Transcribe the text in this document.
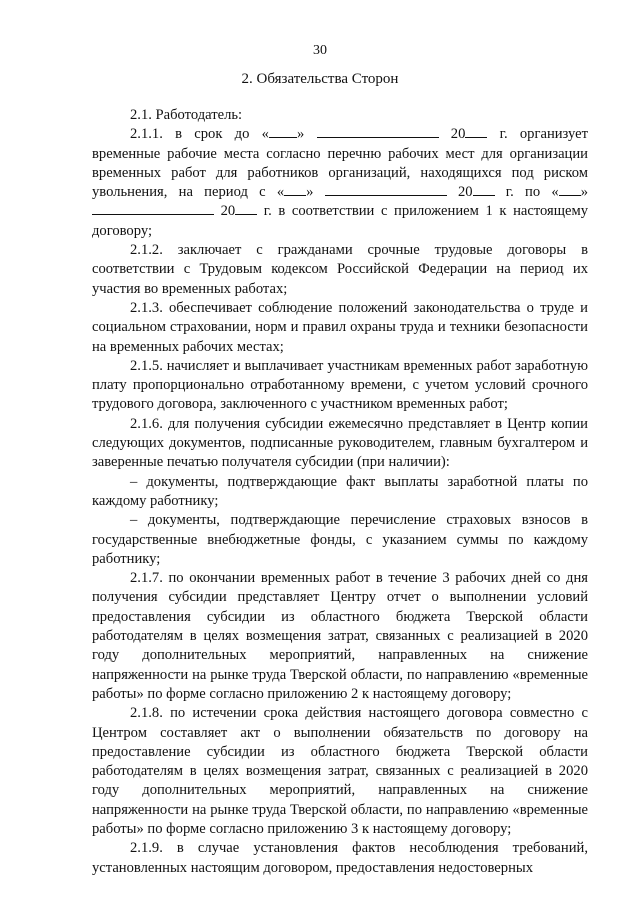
30
2. Обязательства Сторон

2.1. Работодатель:

2.1.1. в срок до « »	20 г. организует временные рабочие места согласно перечню рабочих мест для организации временных работ для работников организаций, находящихся под риском увольнения, на период с « »	20 г. по « »  20 г. в соответствии с приложением 1 к настоящему договору;

2.1.2. заключает с гражданами срочные трудовые договоры в соответствии с Трудовым кодексом Российской Федерации на период их участия во временных работах;

2.1.3. обеспечивает соблюдение положений законодательства о труде и социальном страховании, норм и правил охраны труда и техники безопасности на временных рабочих местах;

2.1.5. начисляет и выплачивает участникам временных работ заработную плату пропорционально отработанному времени, с учетом условий срочного трудового договора, заключенного с участником временных работ;

2.1.6. для получения субсидии ежемесячно представляет в Центр копии следующих документов, подписанные руководителем, главным бухгалтером и заверенные печатью получателя субсидии (при наличии):

– документы, подтверждающие факт выплаты заработной платы по каждому работнику;

– документы, подтверждающие перечисление страховых взносов в государственные внебюджетные фонды, с указанием суммы по каждому работнику;

2.1.7. по окончании временных работ в течение 3 рабочих дней со дня получения субсидии представляет Центру отчет о выполнении условий предоставления субсидии из областного бюджета Тверской области работодателям в целях возмещения затрат, связанных с реализацией в 2020 году дополнительных мероприятий, направленных на снижение напряженности на рынке труда Тверской области, по направлению «временные работы» по форме согласно приложению 2 к настоящему договору;

2.1.8. по истечении срока действия настоящего договора совместно с Центром составляет акт о выполнении обязательств по договору на предоставление субсидии из областного бюджета Тверской области работодателям в целях возмещения затрат, связанных с реализацией в 2020 году дополнительных мероприятий, направленных на снижение напряженности на рынке труда Тверской области, по направлению «временные работы» по форме согласно приложению 3 к настоящему договору;

2.1.9. в случае установления фактов несоблюдения требований, установленных настоящим договором, предоставления недостоверных
